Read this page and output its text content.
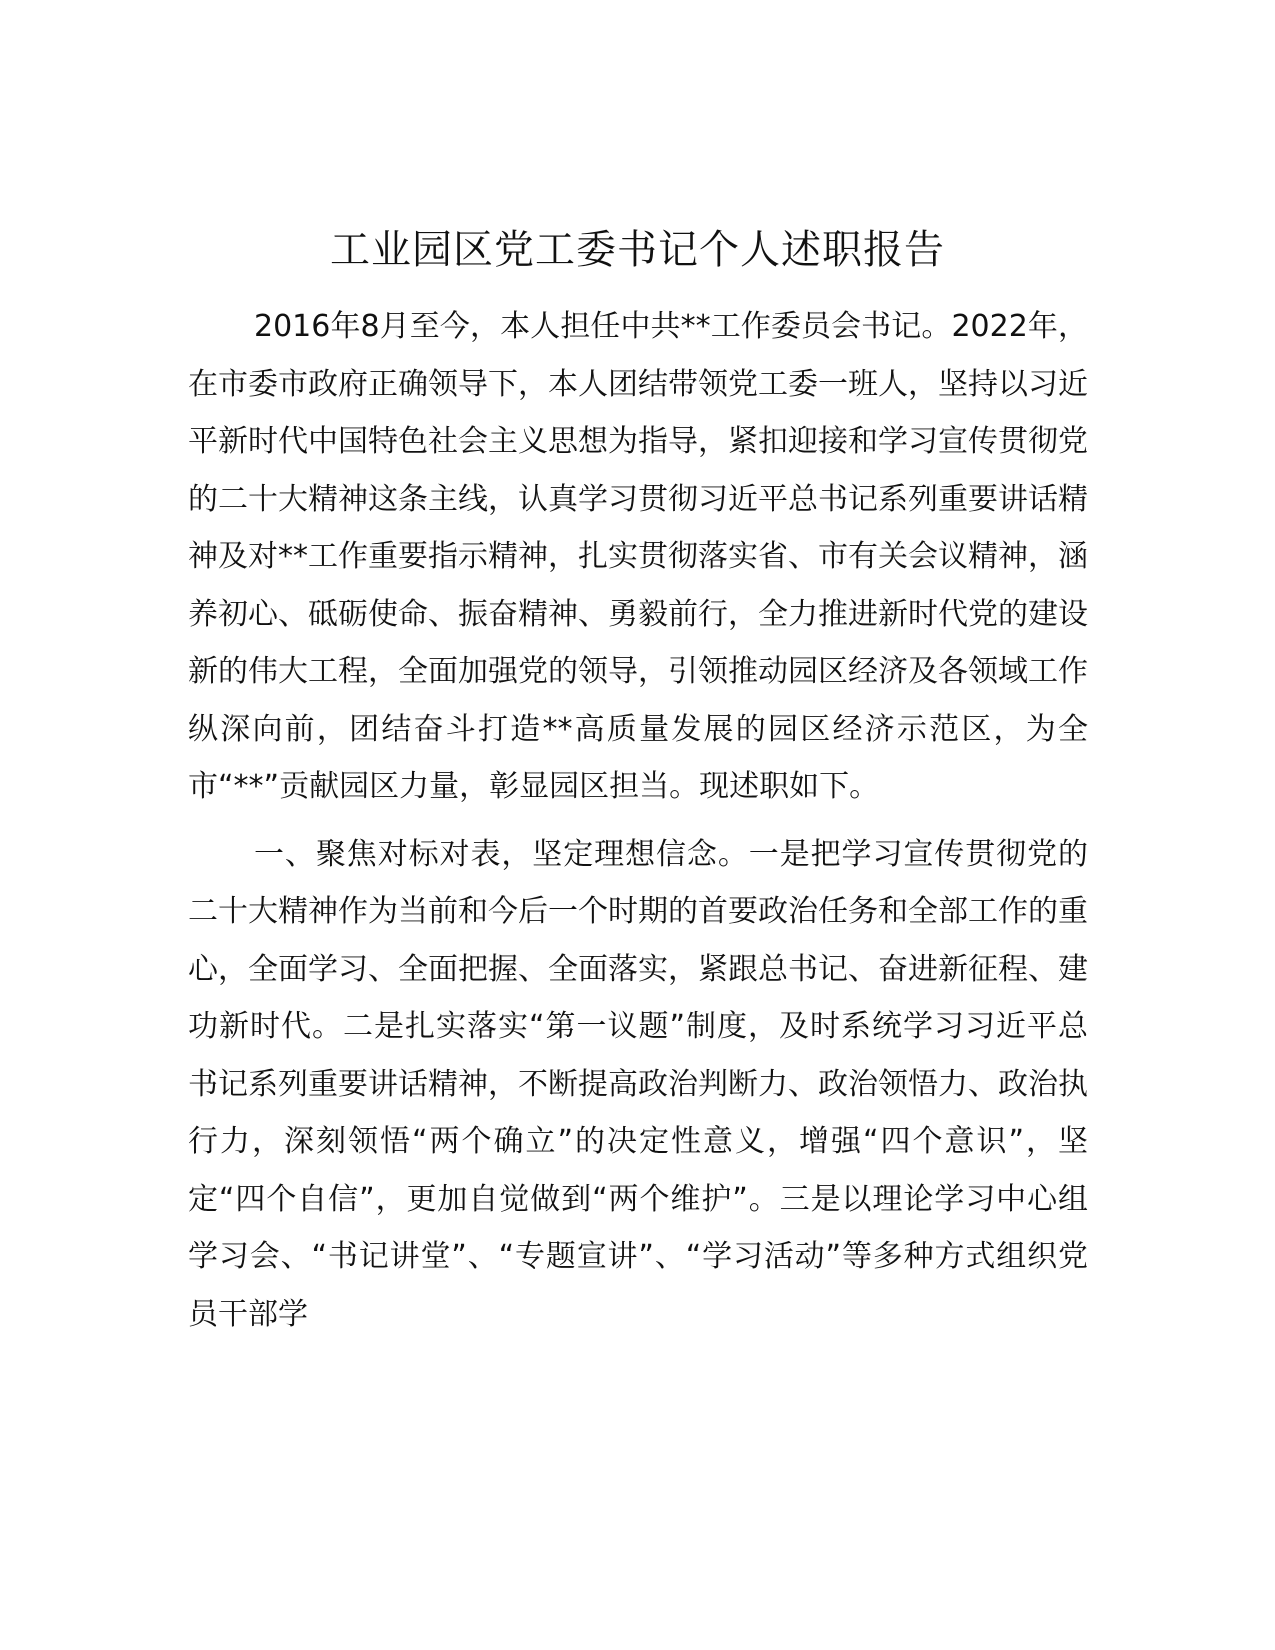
工业园区党工委书记个人述职报告

2016年8月至今，本人担任中共**工作委员会书记。2022年，在市委市政府正确领导下，本人团结带领党工委一班人，坚持以习近平新时代中国特色社会主义思想为指导，紧扣迎接和学习宣传贯彻党的二十大精神这条主线，认真学习贯彻习近平总书记系列重要讲话精神及对**工作重要指示精神，扎实贯彻落实省、市有关会议精神，涵养初心、砥砺使命、振奋精神、勇毅前行，全力推进新时代党的建设新的伟大工程，全面加强党的领导，引领推动园区经济及各领域工作纵深向前，团结奋斗打造**高质量发展的园区经济示范区，为全市“**”贡献园区力量，彰显园区担当。现述职如下。

一、聚焦对标对表，坚定理想信念。一是把学习宣传贯彻党的二十大精神作为当前和今后一个时期的首要政治任务和全部工作的重心，全面学习、全面把握、全面落实，紧跟总书记、奋进新征程、建功新时代。二是扎实落实“第一议题”制度，及时系统学习习近平总书记系列重要讲话精神，不断提高政治判断力、政治领悟力、政治执行力，深刻领悟“两个确立”的决定性意义，增强“四个意识”，坚定“四个自信”，更加自觉做到“两个维护”。三是以理论学习中心组学习会、“书记讲堂”、“专题宣讲”、“学习活动”等多种方式组织党员干部学
